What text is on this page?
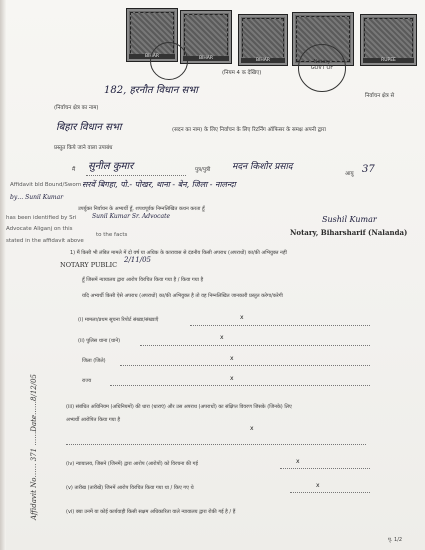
BIHAR	BIHAR	BIHAR	RUPEE
Notary
GOVT OF
(नियम 4 क देखिए)
182, हरनौत विधान सभा	निर्वाचन क्षेत्र से
(निर्वाचन क्षेत्र का नाम)
बिहार विधान सभा	(सदन का नाम) के लिए निर्वाचन के लिए रिटर्निंग ऑफिसर के समक्ष अपनी द्वारा
प्रस्तुत किये जाने वाला उपाबंध
मैं सुनील कुमार	पुत्र/पुत्री मदन किशोर प्रसाद
आयु 37
Affidavit bld Bound/Sworn सरवें बिगहा, पो.- पोखर, थाना - बेन, जिला - नालन्दा
by… Sunil Kumar
उपर्युक्त निर्वाचन के अभ्यर्थी हूँ, शपथपूर्वक निम्नलिखित कथन करता हूँ
has been identified by Sri	Sunil Kumar Sr. Advocate
Advocate Aliganj on this
to the facts
stated in the affidavit above
Sushil Kumar
Notary, Biharsharif (Nalanda)
NOTARY PUBLIC
2/11/05
1) मैं किसी भी लंबित मामले में दो वर्ष या अधिक के कारावास से दंडनीय किसी अपराध (अपराधों) का/की अभियुक्त नहीं
हूँ जिसमें न्यायालय द्वारा आरोप विरचित किया गया है / किया गया है
यदि अभ्यर्थी किसी ऐसे अपराध (अपराधों) का/की अभियुक्त है तो वह निम्नलिखित जानकारी प्रस्तुत करेगा/करेगी
(i) मामला/प्रथम सूचना रिपोर्ट संख्या/संख्याएँ	x
(ii) पुलिस थाना (थाने)	x
जिला (जिले)	x
राज्य	x
(iii) संबंधित अधिनियम (अधिनियमों) की धारा (धाराएं) और उस अपराध (अपराधों) का संक्षिप्त विवरण जिसके (जिनके) लिए
अभ्यर्थी आरोपित किया गया है
x
(iv) न्यायालय, जिसने (जिनमें) द्वारा आरोप (आरोपों) को विरचना की गई	x
(v) तारीख (तारीखें) जिनमें आरोप विरचित किया गया था / किए गए थे	x
(vi) क्या उनमें या कोई कार्यवाही किसी सक्षम अधिकारिता वाले न्यायालय द्वारा रोकी गई है / हैं
पृ. 1/2
Affidavit No…… 371 ……Date……8/12/05
